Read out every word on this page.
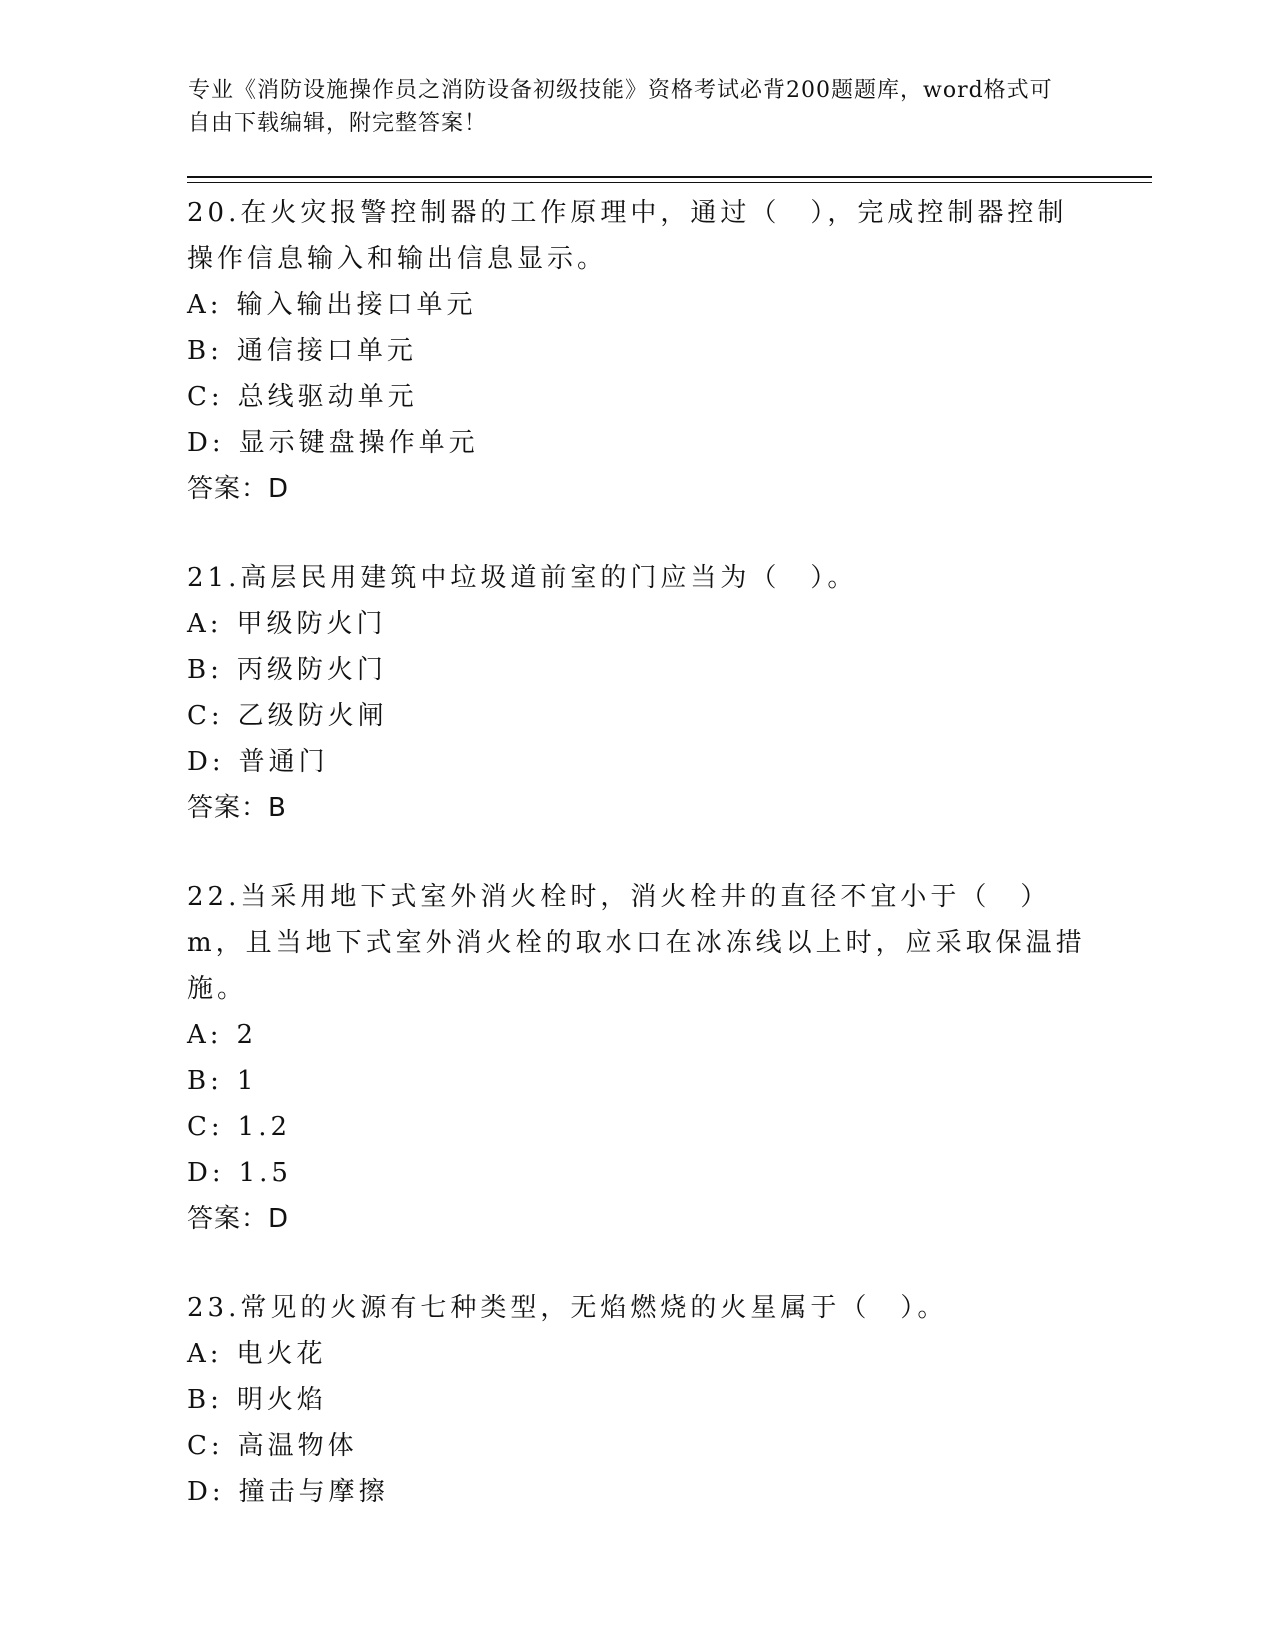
专业《消防设施操作员之消防设备初级技能》资格考试必背200题题库，word格式可自由下载编辑，附完整答案！

20.在火灾报警控制器的工作原理中，通过（　），完成控制器控制操作信息输入和输出信息显示。

A: 输入输出接口单元

B: 通信接口单元

C: 总线驱动单元

D: 显示键盘操作单元

答案：D

21.高层民用建筑中垃圾道前室的门应当为（　）。

A: 甲级防火门

B: 丙级防火门

C: 乙级防火闸

D: 普通门

答案：B

22.当采用地下式室外消火栓时，消火栓井的直径不宜小于（　）m，且当地下式室外消火栓的取水口在冰冻线以上时，应采取保温措施。

A: 2

B: 1

C: 1.2

D: 1.5

答案：D

23.常见的火源有七种类型，无焰燃烧的火星属于（　）。

A: 电火花

B: 明火焰

C: 高温物体

D: 撞击与摩擦
